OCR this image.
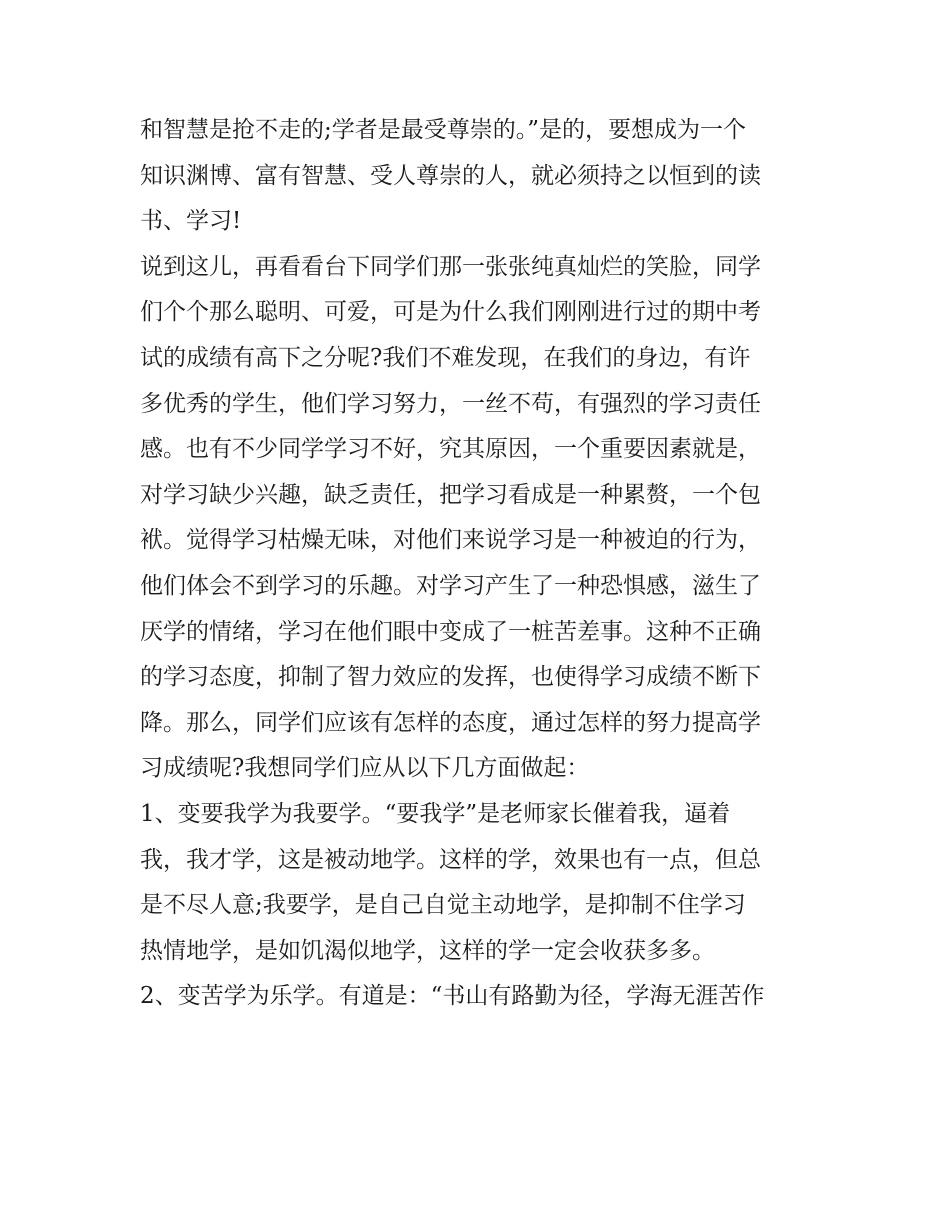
和智慧是抢不走的;学者是最受尊崇的。”是的，要想成为一个
知识渊博、富有智慧、受人尊崇的人，就必须持之以恒到的读
书、学习!
说到这儿，再看看台下同学们那一张张纯真灿烂的笑脸，同学
们个个那么聪明、可爱，可是为什么我们刚刚进行过的期中考
试的成绩有高下之分呢?我们不难发现，在我们的身边，有许
多优秀的学生，他们学习努力，一丝不苟，有强烈的学习责任
感。也有不少同学学习不好，究其原因，一个重要因素就是，
对学习缺少兴趣，缺乏责任，把学习看成是一种累赘，一个包
袱。觉得学习枯燥无味，对他们来说学习是一种被迫的行为，
他们体会不到学习的乐趣。对学习产生了一种恐惧感，滋生了
厌学的情绪，学习在他们眼中变成了一桩苦差事。这种不正确
的学习态度，抑制了智力效应的发挥，也使得学习成绩不断下
降。那么，同学们应该有怎样的态度，通过怎样的努力提高学
习成绩呢?我想同学们应从以下几方面做起：
1、变要我学为我要学。“要我学”是老师家长催着我，逼着
我，我才学，这是被动地学。这样的学，效果也有一点，但总
是不尽人意;我要学，是自己自觉主动地学，是抑制不住学习
热情地学，是如饥渴似地学，这样的学一定会收获多多。
2、变苦学为乐学。有道是：“书山有路勤为径，学海无涯苦作
